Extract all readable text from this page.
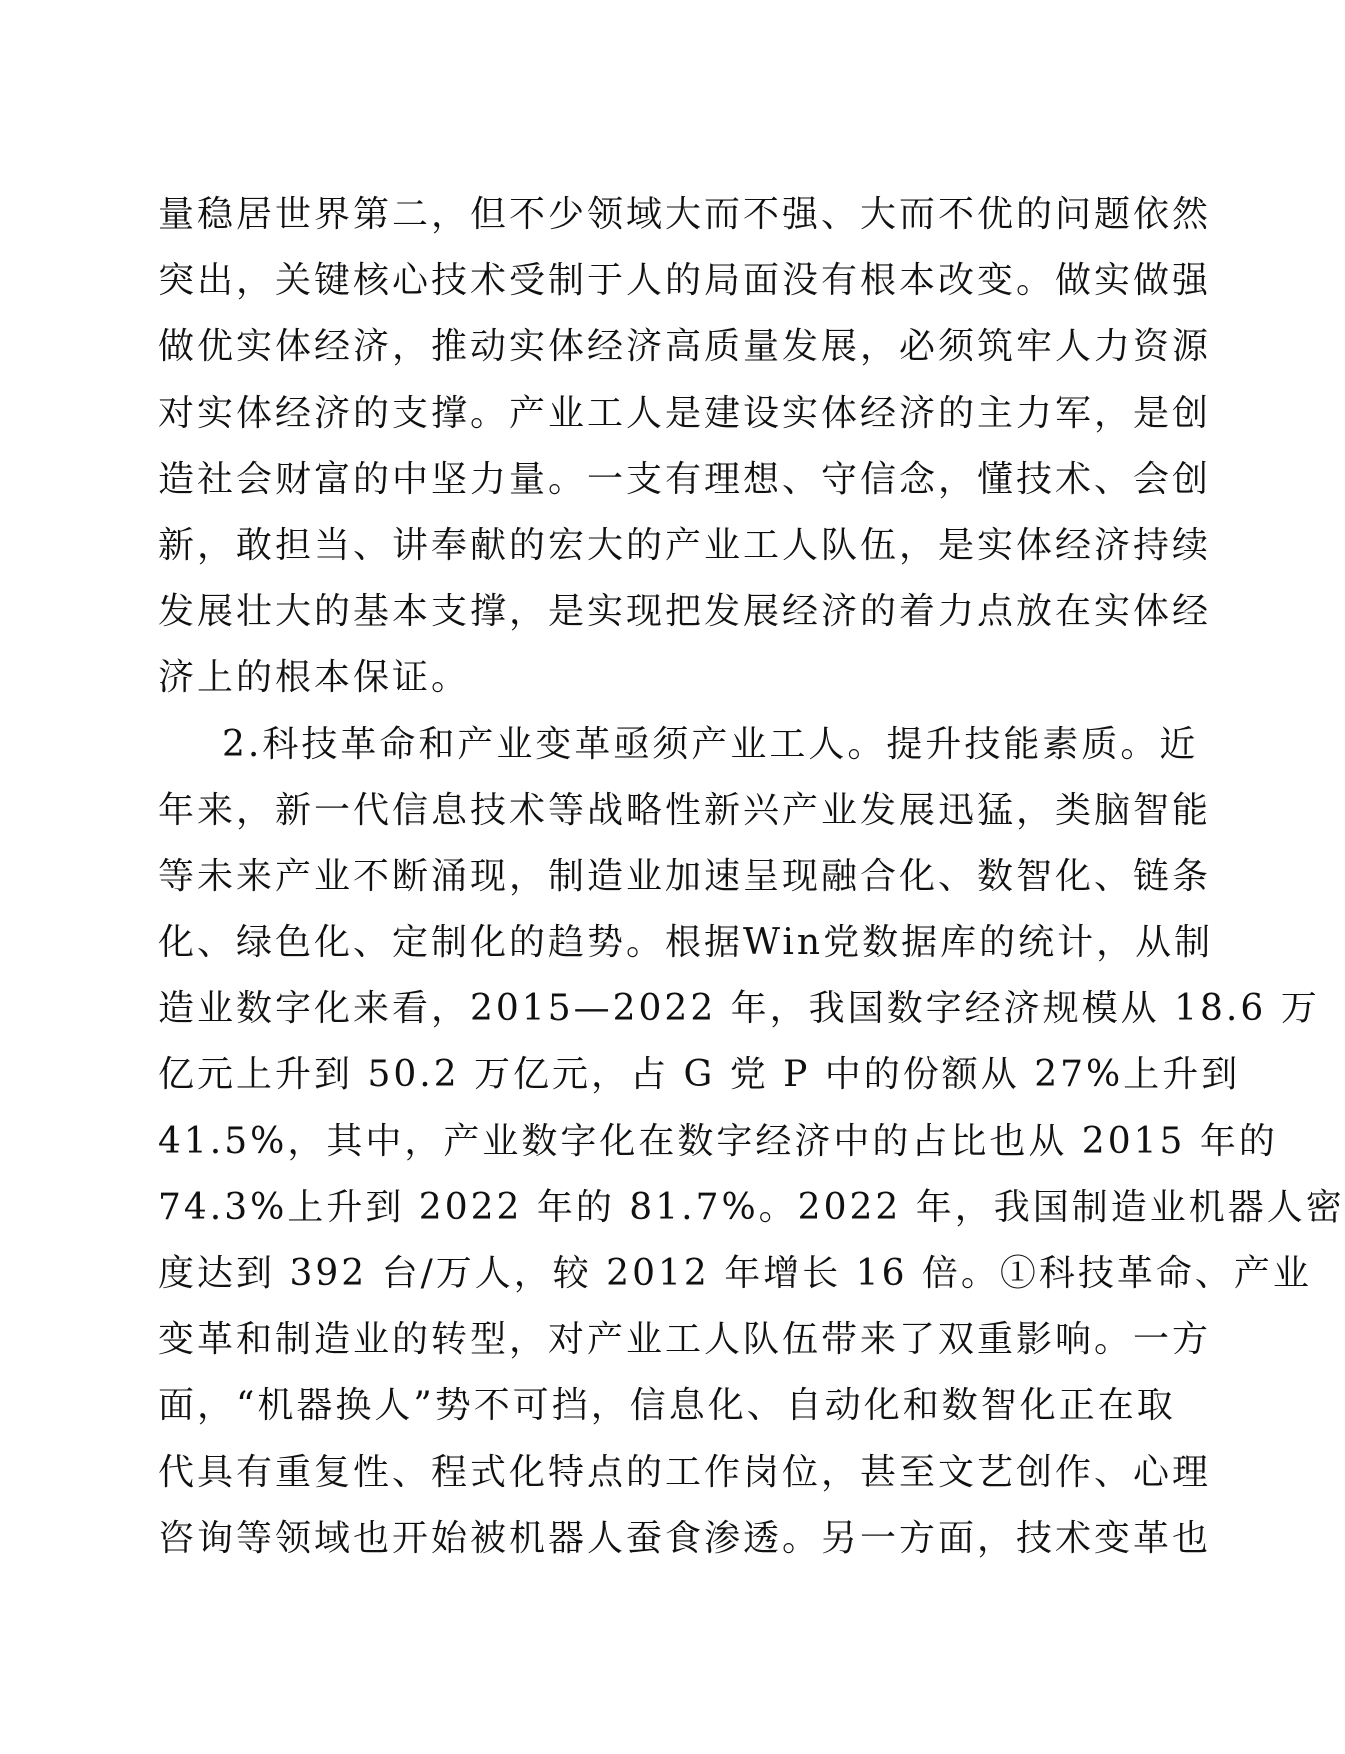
量稳居世界第二，但不少领域大而不强、大而不优的问题依然

突出，关键核心技术受制于人的局面没有根本改变。做实做强

做优实体经济，推动实体经济高质量发展，必须筑牢人力资源

对实体经济的支撑。产业工人是建设实体经济的主力军，是创

造社会财富的中坚力量。一支有理想、守信念，懂技术、会创

新，敢担当、讲奉献的宏大的产业工人队伍，是实体经济持续

发展壮大的基本支撑，是实现把发展经济的着力点放在实体经

济上的根本保证。

2.科技革命和产业变革亟须产业工人。提升技能素质。近

年来，新一代信息技术等战略性新兴产业发展迅猛，类脑智能

等未来产业不断涌现，制造业加速呈现融合化、数智化、链条

化、绿色化、定制化的趋势。根据Win党数据库的统计，从制

造业数字化来看，2015—2022 年，我国数字经济规模从 18.6 万

亿元上升到 50.2 万亿元，占 G 党 P 中的份额从 27%上升到

41.5%，其中，产业数字化在数字经济中的占比也从 2015 年的

74.3%上升到 2022 年的 81.7%。2022 年，我国制造业机器人密

度达到 392 台/万人，较 2012 年增长 16 倍。①科技革命、产业

变革和制造业的转型，对产业工人队伍带来了双重影响。一方

面，“机器换人”势不可挡，信息化、自动化和数智化正在取

代具有重复性、程式化特点的工作岗位，甚至文艺创作、心理

咨询等领域也开始被机器人蚕食渗透。另一方面，技术变革也
